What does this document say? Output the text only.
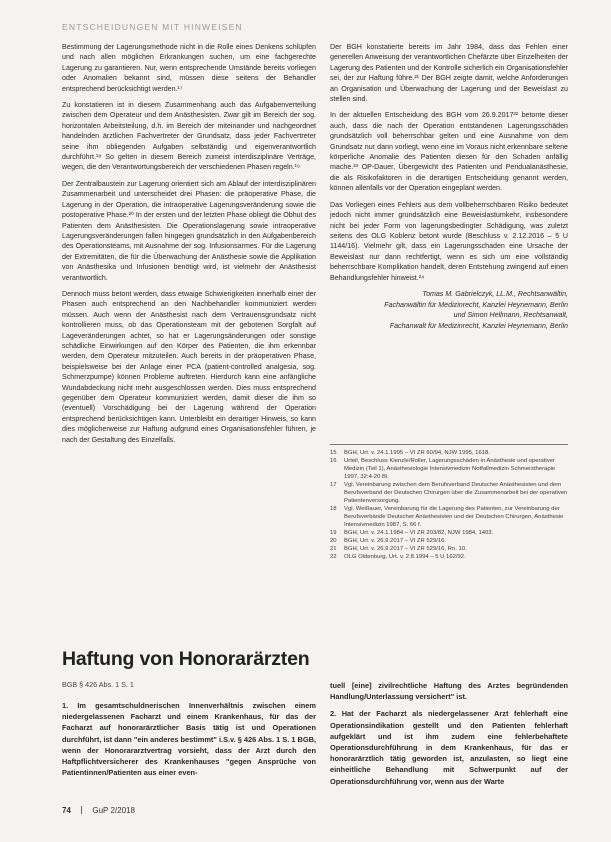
ENTSCHEIDUNGEN MIT HINWEISEN

Bestimmung der Lagerungsmethode nicht in die Rolle eines Denkens schlüpfen und nach allen möglichen Erkrankungen suchen, um eine fachgerechte Lagerung zu garantieren. Nur, wenn entsprechende Umstände bereits vorliegen oder Anomalien bekannt sind, müssen diese seitens der Behandler entsprechend berücksichtigt werden.¹⁷

Zu konstatieren ist in diesem Zusammenhang auch das Aufgabenverteilung zwischen dem Operateur und dem Anästhesisten. Zwar gilt im Bereich der sog. horizontalen Arbeitsteilung, d.h. im Bereich der miteinander und nachgeordnet handelnden ärztlichen Fachvertreter der Grundsatz, dass jeder Fachvertreter seine ihm obliegenden Aufgaben selbständig und eigenverantwortlich durchführt.¹⁸ So gelten in diesem Bereich zumeist interdisziplinäre Verträge, wegen, die den Verantwortungsbereich der verschiedenen Phasen regeln.¹⁹

Der Zentralbaustein zur Lagerung orientiert sich am Ablauf der interdisziplinären Zusammenarbeit und unterscheidet drei Phasen: die präoperative Phase, die Lagerung in der Operation, die intraoperative Lagerungsveränderung sowie die postoperative Phase.²⁰ In der ersten und der letzten Phase obliegt die Obhut des Patienten dem Anästhesisten. Die Operationslagerung sowie intraoperative Lagerungsveränderungen fallen hingegen grundsätzlich in den Aufgabenbereich des Operationsteams, mit Ausnahme der sog. Infusionsarmes. Für die Lagerung der Extremitäten, die für die Überwachung der Anästhesie sowie die Applikation von Anästhesika und Infusionen benötigt wird, ist vielmehr der Anästhesist verantwortlich.

Dennoch muss betont werden, dass etwaige Schwierigkeiten innerhalb einer der Phasen auch entsprechend an den Nachbehandler kommuniziert werden müssen. Auch wenn der Anästhesist nach dem Vertrauensgrundsatz nicht kontrollieren muss, ob das Operationsteam mit der gebotenen Sorgfalt auf Lageveränderungen achtet, so hat er Lagerungsänderungen oder sonstige schädliche Einwirkungen auf den Körper des Patienten, die ihm erkennbar werden, dem Operateur mitzuteilen. Auch bereits in der präoperativen Phase, beispielsweise bei der Anlage einer PCA (patient-controlled analgesia, sog. Schmerzpumpe) können Probleme auftreten. Hierdurch kann eine anfängliche Wundabdeckung nicht mehr ausgeschlossen werden. Dies muss entsprechend gegenüber dem Operateur kommuniziert werden, damit dieser die ihm so (eventuell) Vorschädigung bei der Lagerung während der Operation entsprechend berücksichtigen kann. Unterbleibt ein derartiger Hinweis, so kann dies möglicherweise zur Haftung aufgrund eines Organisationsfehler führen, je nach der Gestaltung des Einzelfalls.

Der BGH konstatierte bereits im Jahr 1984, dass das Fehlen einer generellen Anweisung der verantwortlichen Chefärzte über Einzelheiten der Lagerung des Patienten und der Kontrolle sicherlich ein Organisationsfehler sei, der zur Haftung führe.²¹ Der BGH zeigte damit, welche Anforderungen an Organisation und Überwachung der Lagerung und der Beweislast zu stellen sind.

In der aktuellen Entscheidung des BGH vom 26.9.2017²² betonte dieser auch, dass die nach der Operation entstandenen Lagerungsschäden grundsätzlich voll beherrschbar gelten und eine Ausnahme von dem Grundsatz nur dann vorliegt, wenn eine im Voraus nicht erkennbare seltene körperliche Anomalie des Patienten diesen für den Schaden anfällig mache.²³ OP-Dauer, Übergewicht des Patienten und Peridualanästhesie, die als Risikofaktoren in die derartigen Entscheidung genannt werden, können allenfalls vor der Operation eingeplant werden.

Das Vorliegen eines Fehlers aus dem vollbeherrschbaren Risiko bedeutet jedoch nicht immer grundsätzlich eine Beweislastumkehr, insbesondere nicht bei jeder Form von lagerungsbedingter Schädigung, was zuletzt seitens des OLG Koblenz betont wurde (Beschluss v. 2.12.2016 – 5 U 1144/16). Vielmehr gilt, dass ein Lagerungsschaden eine Ursache der Beweislast nur dann rechtfertigt, wenn es sich um eine vollständig beherrschbare Komplikation handelt, deren Entstehung zwingend auf einen Behandlungsfehler hinweist.²⁴

Tomas M. Gabrielczyk, LL.M., Rechtsanwältin,
Fachanwältin für Medizinrecht, Kanzlei Heynemann, Berlin
und Simon Hellmann, Rechtsanwalt,
Fachanwalt für Medizinrecht, Kanzlei Heynemann, Berlin
15	BGH, Urt. v. 24.1.1995 – VI ZR 60/94, NJW 1995, 1618.
16	Urteil, Beschluss Kienzle/Roller, Lagerungsschäden in Anästhesie und operativer Medizin (Teil 1), Anästhesiologie Intensivmedizin Notfallmedizin Schmerztherapie 1997, 32:4-20 Bl.
17	Vgl. Vereinbarung zwischen dem Berufsverband Deutscher Anästhesisten und dem Berufsverband der Deutschen Chirurgen über die Zusammenarbeit bei der operativen Patientenversorgung.
18	Vgl. Weißauer, Vereinbarung für die Lagerung des Patienten, zur Vereinbarung der Berufsverbände Deutscher Anästhesisten und der Deutschen Chirurgen, Anästhesie Intensivmedizin 1987, S. 66 f.
19	BGH, Urt. v. 24.1.1984 – VI ZR 203/82, NJW 1984, 1403.
20	BGH, Urt. v. 26.9.2017 – VI ZR 529/16.
21	BGH, Urt. v. 26.9.2017 – VI ZR 529/16, Rn. 10.
22	OLG Oldenburg, Urt. v. 2.8.1994 – 5 U 162/92.
Haftung von Honorarärzten
BGB § 426 Abs. 1 S. 1

1. Im gesamtschuldnerischen Innenverhältnis zwischen einem niedergelassenen Facharzt und einem Krankenhaus, für das der Facharzt auf honorarärztlicher Basis tätig ist und Operationen durchführt, ist dann "ein anderes bestimmt" i.S.v. § 426 Abs. 1 S. 1 BGB, wenn der Honorararztvertrag vorsieht, dass der Arzt durch den Haftpflichtversicherer des Krankenhauses "gegen Ansprüche von Patientinnen/Patienten aus einer even-

tuell [eine] zivilrechtliche Haftung des Arztes begründenden Handlung/Unterlassung versichert" ist.

2. Hat der Facharzt als niedergelassener Arzt fehlerhaft eine Operationsindikation gestellt und den Patienten fehlerhaft aufgeklärt und ist ihm zudem eine fehlerbehaftete Operationsdurchführung in dem Krankenhaus, für das er honorarärztlich tätig geworden ist, anzulasten, so liegt eine einheitliche Behandlung mit Schwerpunkt auf der Operationsdurchführung vor, wenn aus der Warte

74	GuP 2/2018
